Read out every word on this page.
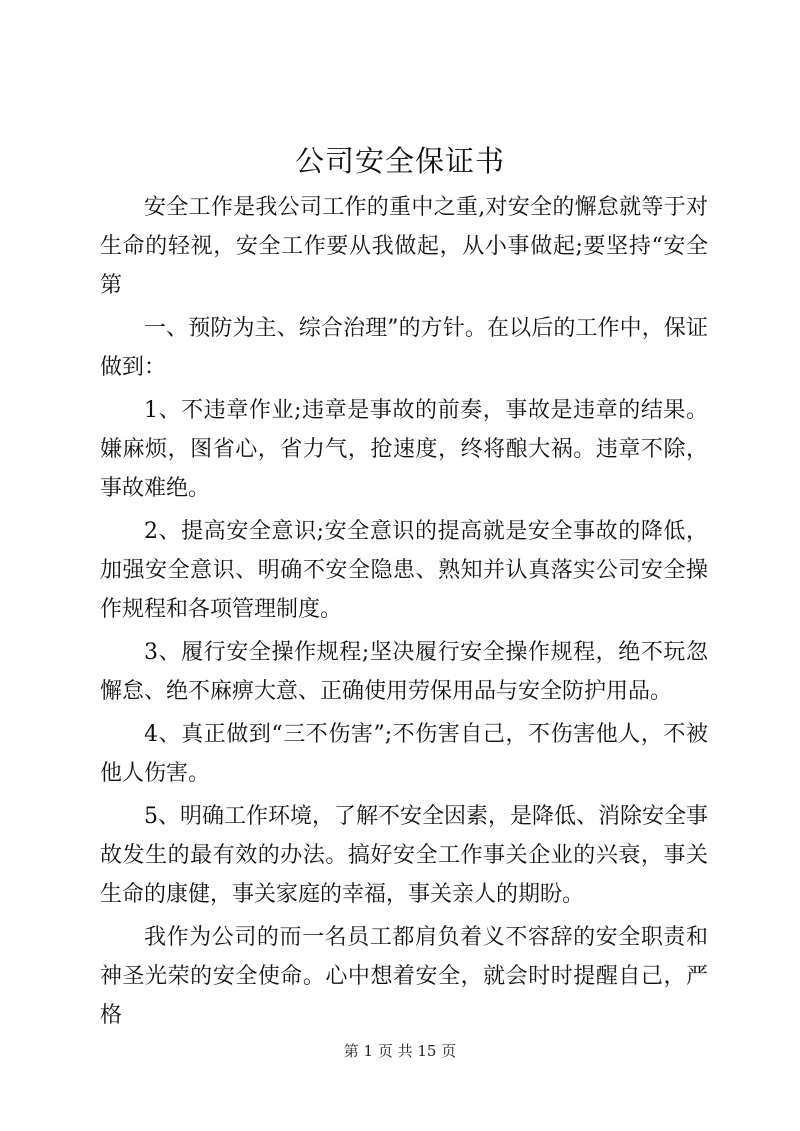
公司安全保证书

安全工作是我公司工作的重中之重,对安全的懈怠就等于对生命的轻视，安全工作要从我做起，从小事做起;要坚持“安全第

一、预防为主、综合治理”的方针。在以后的工作中，保证做到：

1、不违章作业;违章是事故的前奏，事故是违章的结果。嫌麻烦，图省心，省力气，抢速度，终将酿大祸。违章不除，事故难绝。

2、提高安全意识;安全意识的提高就是安全事故的降低，加强安全意识、明确不安全隐患、熟知并认真落实公司安全操作规程和各项管理制度。

3、履行安全操作规程;坚决履行安全操作规程，绝不玩忽懈怠、绝不麻痹大意、正确使用劳保用品与安全防护用品。

4、真正做到“三不伤害”;不伤害自己，不伤害他人，不被他人伤害。

5、明确工作环境，了解不安全因素，是降低、消除安全事故发生的最有效的办法。搞好安全工作事关企业的兴衰，事关生命的康健，事关家庭的幸福，事关亲人的期盼。

我作为公司的而一名员工都肩负着义不容辞的安全职责和神圣光荣的安全使命。心中想着安全，就会时时提醒自己，严格

第 1 页 共 15 页
